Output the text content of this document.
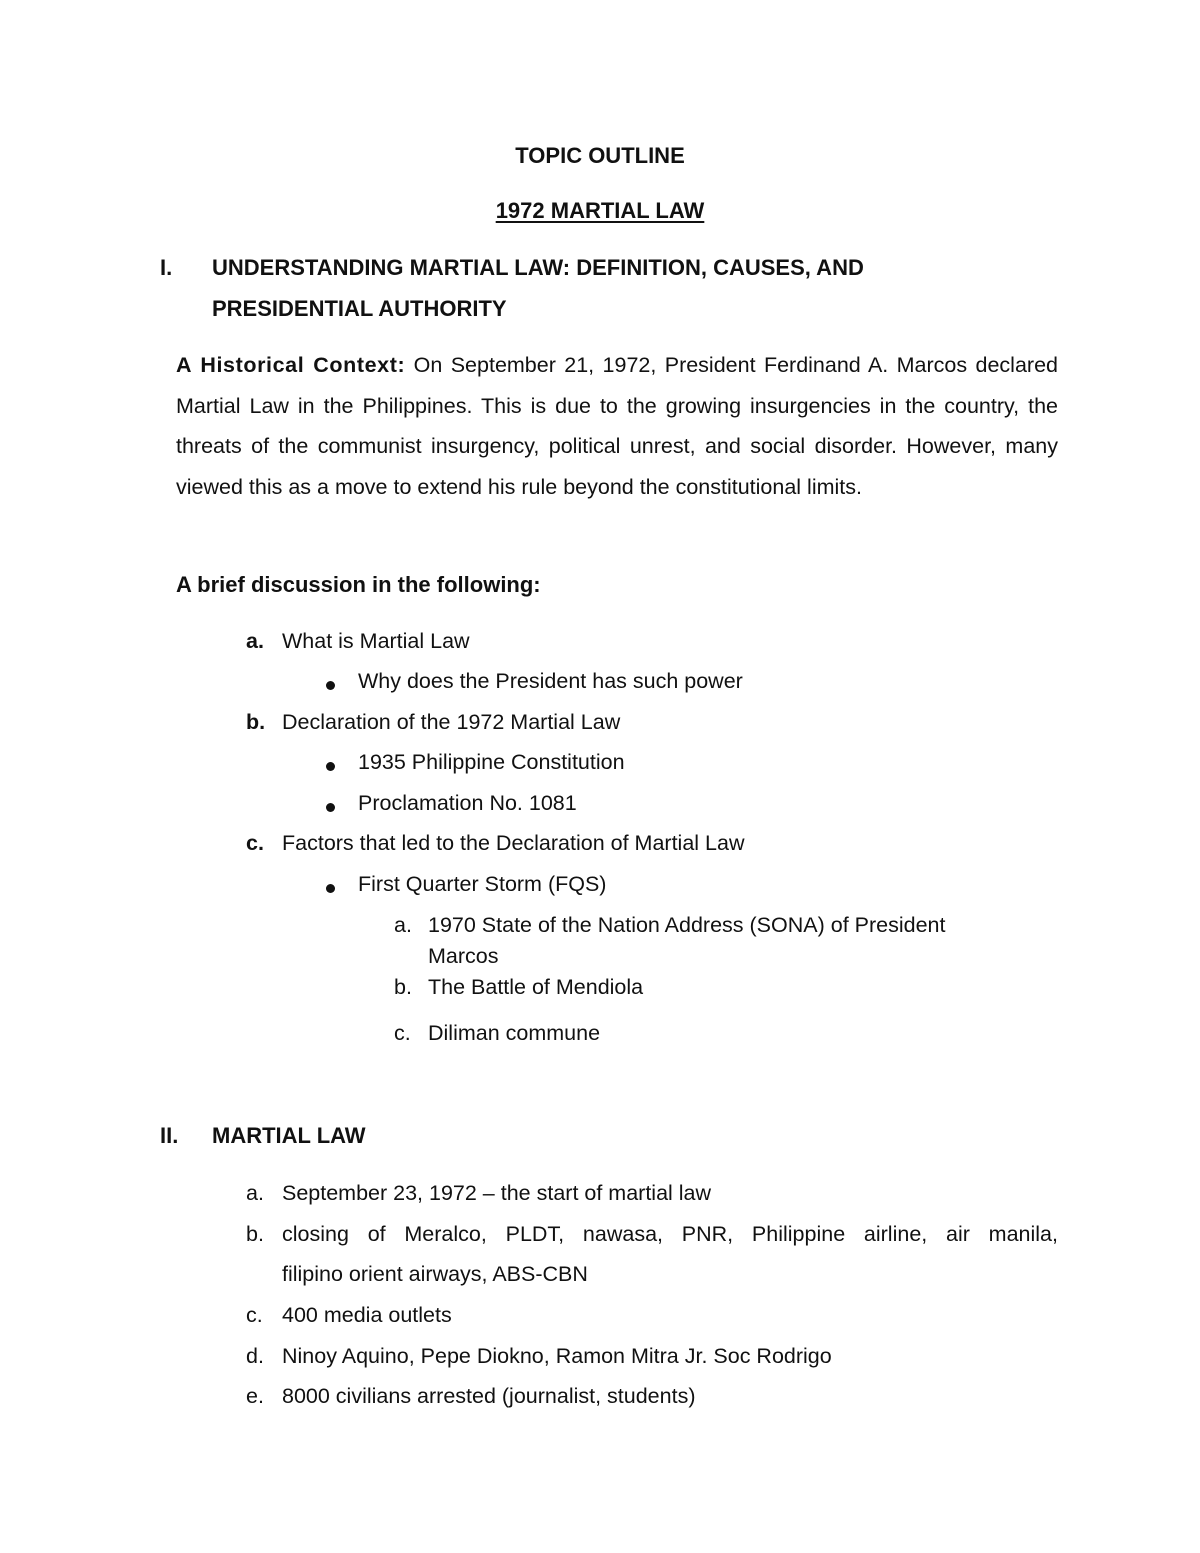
TOPIC OUTLINE
1972 MARTIAL LAW
I. UNDERSTANDING MARTIAL LAW: DEFINITION, CAUSES, AND
PRESIDENTIAL AUTHORITY
A Historical Context: On September 21, 1972, President Ferdinand A. Marcos declared Martial Law in the Philippines. This is due to the growing insurgencies in the country, the threats of the communist insurgency, political unrest, and social disorder. However, many viewed this as a move to extend his rule beyond the constitutional limits.
A brief discussion in the following:
a. What is Martial Law
Why does the President has such power
b. Declaration of the 1972 Martial Law
1935 Philippine Constitution
Proclamation No. 1081
c. Factors that led to the Declaration of Martial Law
First Quarter Storm (FQS)
a. 1970 State of the Nation Address (SONA) of President
Marcos
b. The Battle of Mendiola
c. Diliman commune
II. MARTIAL LAW
a. September 23, 1972 – the start of martial law
b. closing of Meralco, PLDT, nawasa, PNR, Philippine airline, air manila,
filipino orient airways, ABS-CBN
c. 400 media outlets
d. Ninoy Aquino, Pepe Diokno, Ramon Mitra Jr. Soc Rodrigo
e. 8000 civilians arrested (journalist, students)
